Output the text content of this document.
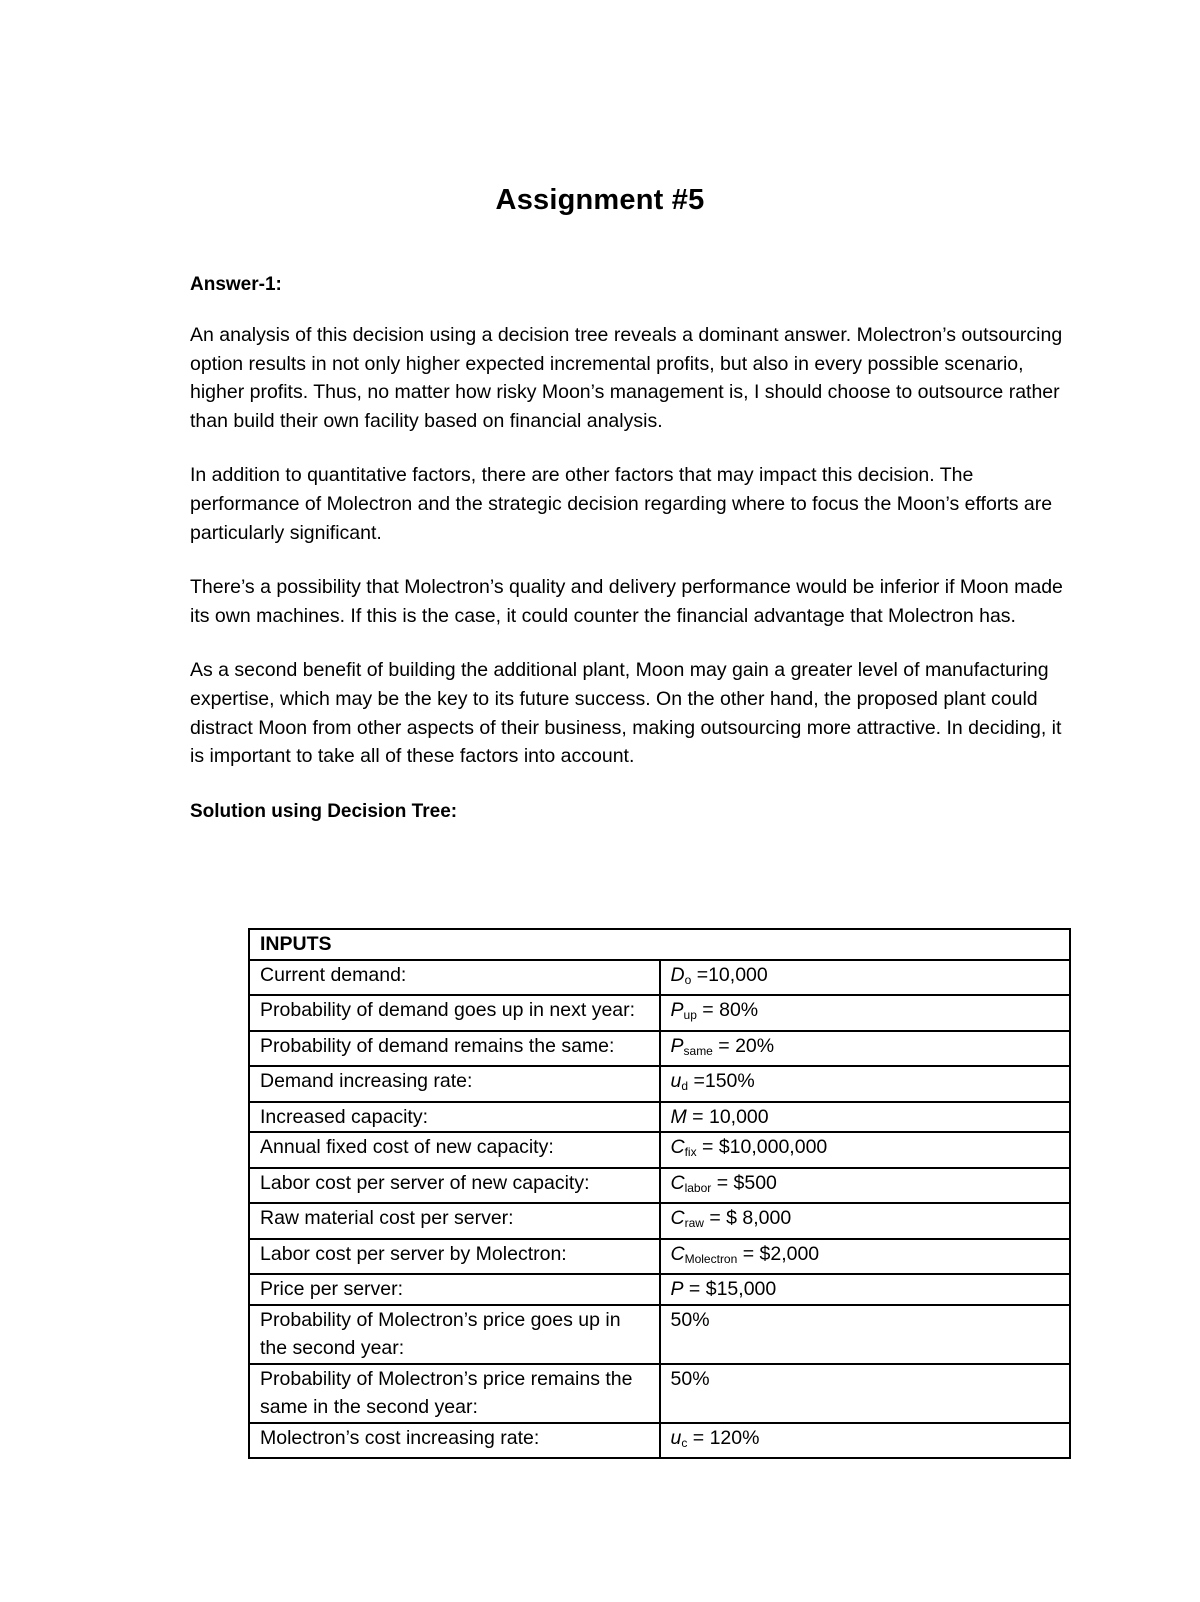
Assignment #5

Answer-1:

An analysis of this decision using a decision tree reveals a dominant answer. Molectron’s outsourcing option results in not only higher expected incremental profits, but also in every possible scenario, higher profits. Thus, no matter how risky Moon’s management is, I should choose to outsource rather than build their own facility based on financial analysis.

In addition to quantitative factors, there are other factors that may impact this decision. The performance of Molectron and the strategic decision regarding where to focus the Moon’s efforts are particularly significant.

There’s a possibility that Molectron’s quality and delivery performance would be inferior if Moon made its own machines. If this is the case, it could counter the financial advantage that Molectron has.

As a second benefit of building the additional plant, Moon may gain a greater level of manufacturing expertise, which may be the key to its future success. On the other hand, the proposed plant could distract Moon from other aspects of their business, making outsourcing more attractive. In deciding, it is important to take all of these factors into account.

Solution using Decision Tree:

INPUTS	
Current demand:	$D_o =10,000$
Probability of demand goes up in next year:	$P_{up} = 80\%$
Probability of demand remains the same:	$P_{same} = 20\%$
Demand increasing rate:	$u_d =150\%$
Increased capacity:	M = 10,000
Annual fixed cost of new capacity:	$C_{fix}$ = $10,000,000
Labor cost per server of new capacity:	$C_{labor}$ = $500
Raw material cost per server:	$C_{raw}$ = $ 8,000
Labor cost per server by Molectron:	$C_{Molectron}$ = $2,000
Price per server:	P = $15,000
Probability of Molectron’s price goes up in the second year:	50%
Probability of Molectron’s price remains the same in the second year:	50%
Molectron’s cost increasing rate:	$u_c = 120\%$
